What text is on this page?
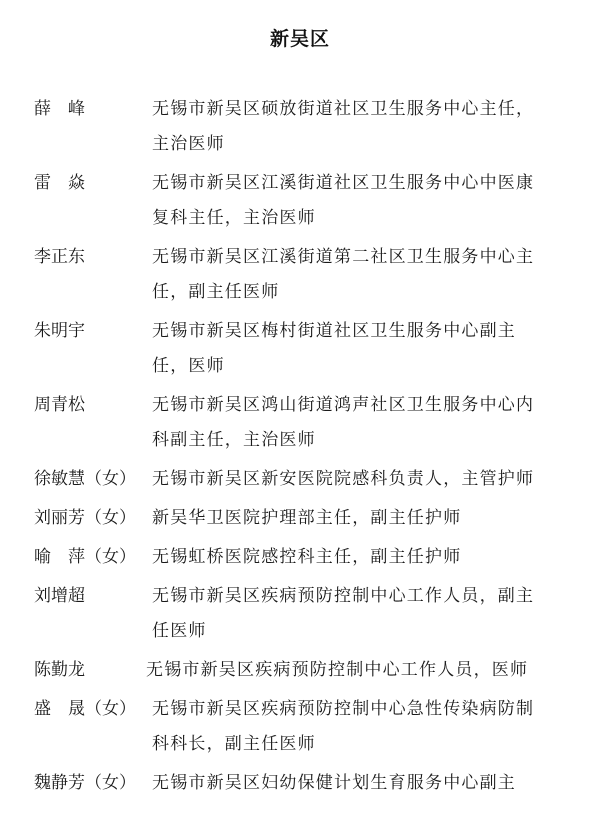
新吴区
薛　峰	无锡市新吴区硕放街道社区卫生服务中心主任，主治医师
雷　焱	无锡市新吴区江溪街道社区卫生服务中心中医康复科主任，主治医师
李正东	无锡市新吴区江溪街道第二社区卫生服务中心主任，副主任医师
朱明宇	无锡市新吴区梅村街道社区卫生服务中心副主任，医师
周青松	无锡市新吴区鸿山街道鸿声社区卫生服务中心内科副主任，主治医师
徐敏慧（女） 无锡市新吴区新安医院院感科负责人，主管护师
刘丽芳（女） 新吴华卫医院护理部主任，副主任护师
喻　萍（女） 无锡虹桥医院感控科主任，副主任护师
刘增超	无锡市新吴区疾病预防控制中心工作人员，副主任医师
陈勤龙	无锡市新吴区疾病预防控制中心工作人员，医师
盛　晟（女） 无锡市新吴区疾病预防控制中心急性传染病防制科科长，副主任医师
魏静芳（女） 无锡市新吴区妇幼保健计划生育服务中心副主
